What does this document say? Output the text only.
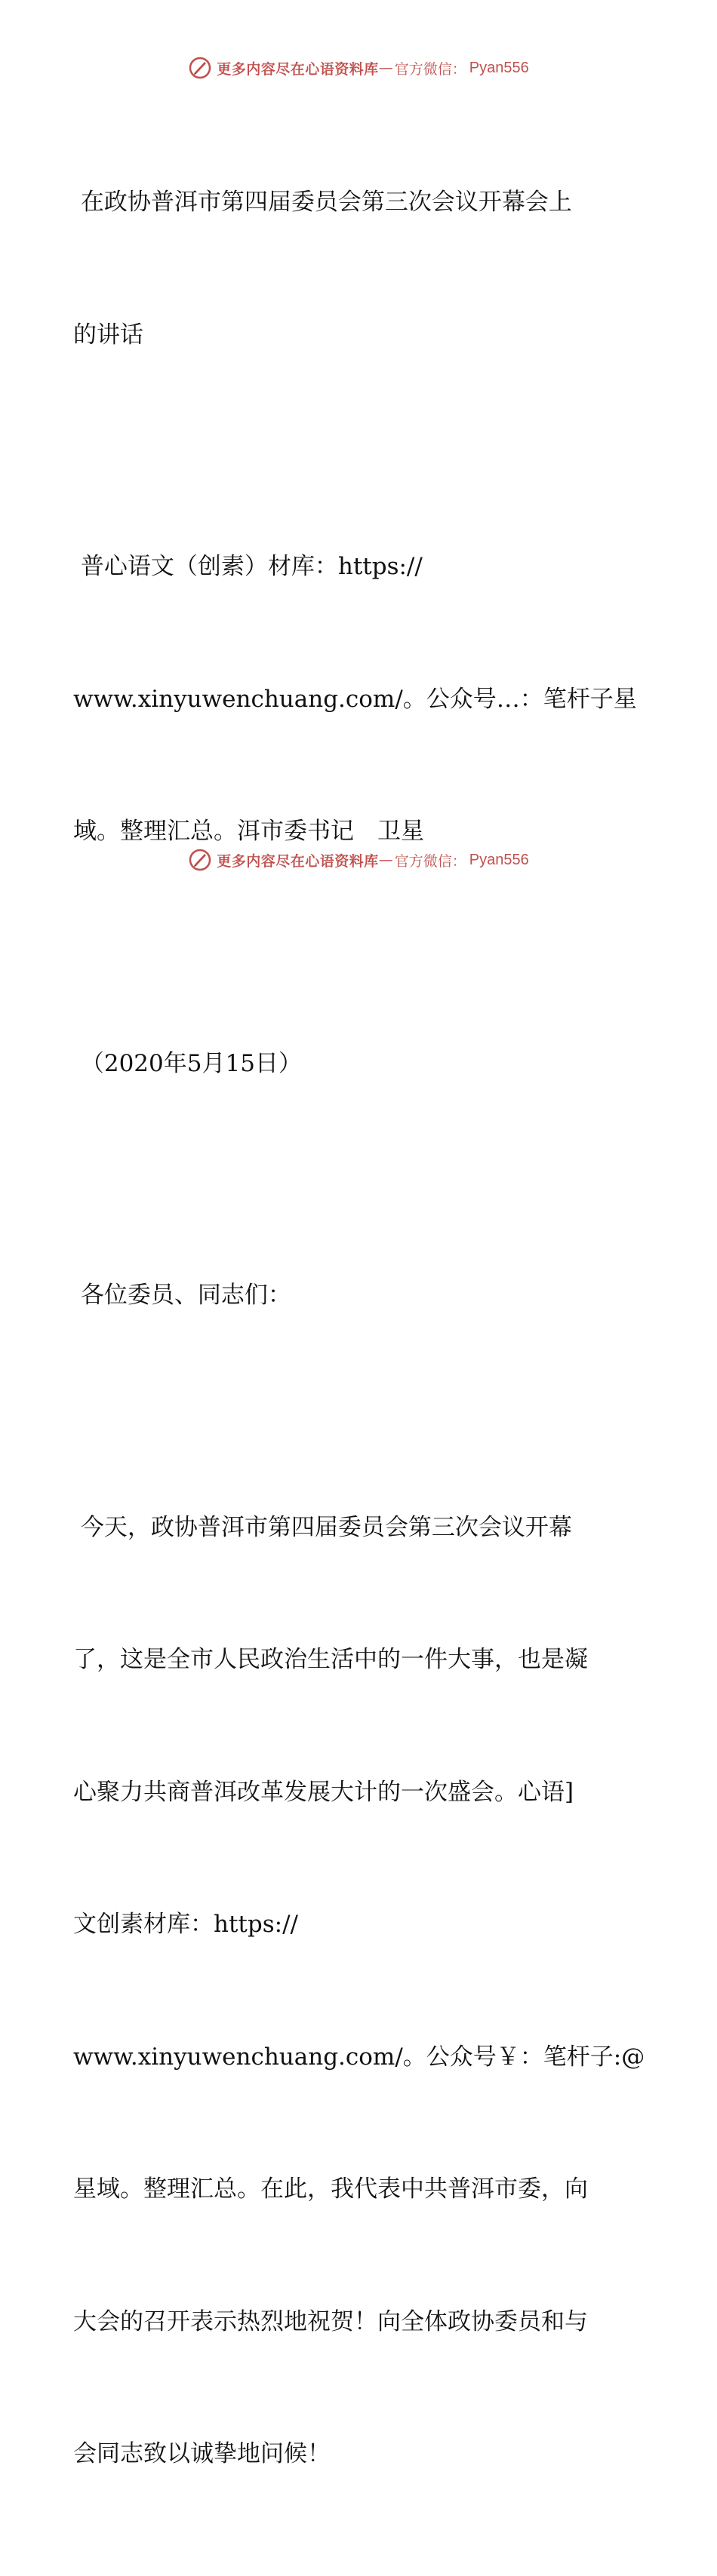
更多内容尽在心语资料库 — 官方微信： Pyan556

在政协普洱市第四届委员会第三次会议开幕会上

的讲话

普心语文（创素）材库：https://

www.xinyuwenchuang.com/。公众号…：笔杆子星

域。整理汇总。洱市委书记　卫星

（2020年5月15日）

各位委员、同志们：

今天，政协普洱市第四届委员会第三次会议开幕

了，这是全市人民政治生活中的一件大事，也是凝

心聚力共商普洱改革发展大计的一次盛会。心语]

文创素材库：https://

www.xinyuwenchuang.com/。公众号￥：笔杆子:@

星域。整理汇总。在此，我代表中共普洱市委，向

大会的召开表示热烈地祝贺！向全体政协委员和与

会同志致以诚挚地问候！

更多内容尽在心语资料库 — 官方微信： Pyan556
